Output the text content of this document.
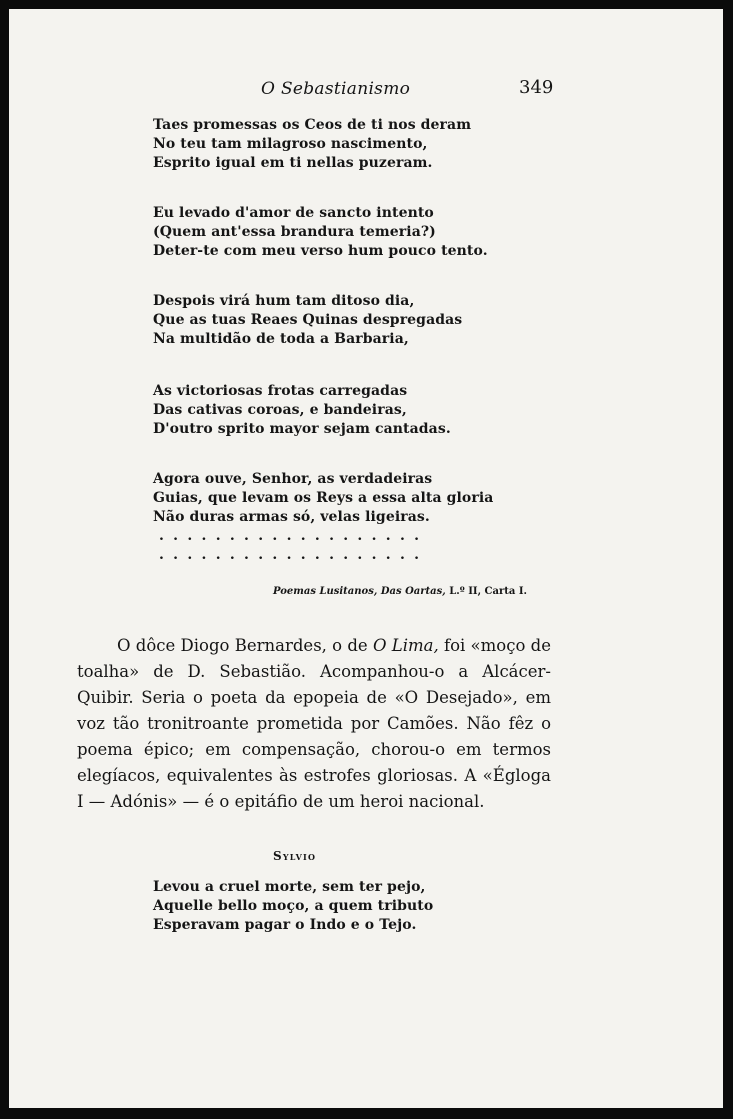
O Sebastianismo	349
Taes promessas os Ceos de ti nos deram
No teu tam milagroso nascimento,
Esprito igual em ti nellas puzeram.
Eu levado d'amor de sancto intento
(Quem ant'essa brandura temeria?)
Deter-te com meu verso hum pouco tento.
Despois virá hum tam ditoso dia,
Que as tuas Reaes Quinas despregadas
Na multidão de toda a Barbaria,
As victoriosas frotas carregadas
Das cativas coroas, e bandeiras,
D'outro sprito mayor sejam cantadas.
Agora ouve, Senhor, as verdadeiras
Guias, que levam os Reys a essa alta gloria
Não duras armas só, velas ligeiras.
...................
...................
Poemas Lusitanos, Das Oartas, L.º II, Carta I.

O dôce Diogo Bernardes, o de O Lima, foi «moço de toalha» de D. Sebastião. Acompanhou-o a Alcácer-Quibir. Seria o poeta da epopeia de «O Desejado», em voz tão tronitroante prometida por Camões. Não fêz o poema épico; em compensação, chorou-o em termos elegíacos, equivalentes às estrofes gloriosas. A «Égloga I — Adónis» — é o epitáfio de um heroi nacional.

Sylvio
Levou a cruel morte, sem ter pejo,
Aquelle bello moço, a quem tributo
Esperavam pagar o Indo e o Tejo.
